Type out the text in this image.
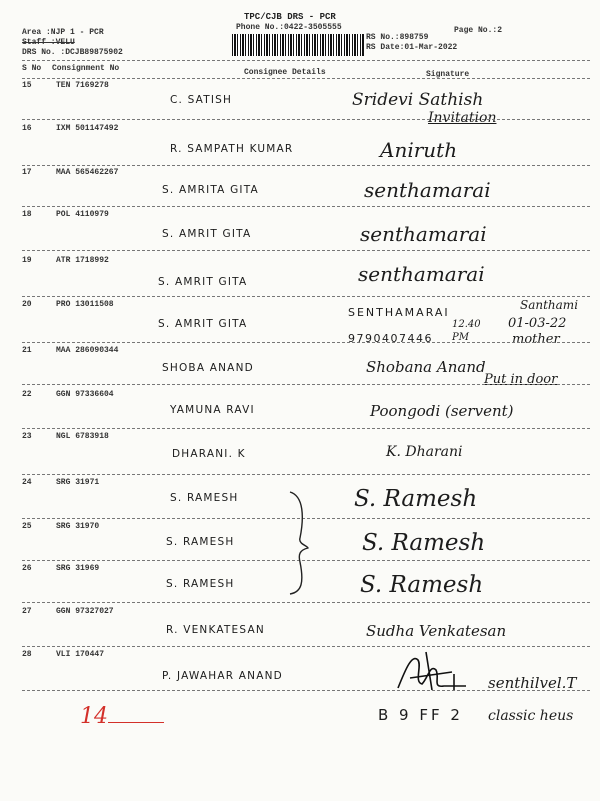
Area :NJP 1 - PCR
Staff :VELU
DRS No. :DCJB89875902
TPC/CJB DRS - PCR
Phone No.:0422-3505555	Page No.:2
RS No.:898759
RS Date:01-Mar-2022
S No Consignment No	Consignee Details	Signature
15	TEN 7169278
C. SATISH	Sridevi Sathish
Invitation
16	IXM 501147492
R. SAMPATH KUMAR	Aniruth
17	MAA 565462267
S. AMRITA GITA	senthamarai
18	POL 4110979
S. AMRIT GITA	senthamarai
19	ATR 1718992
S. AMRIT GITA	senthamarai
20	PRO 13011508
S. AMRIT GITA
SENTHAMARAI
9790407446
12.40 PM
Santhami
01-03-22
mother
21	MAA 286090344
SHOBA ANAND	Shobana Anand
Put in door
22	GGN 97336604
YAMUNA RAVI	Poongodi (servent)
23	NGL 6783918
DHARANI. K	K. Dharani
24	SRG 31971
S. RAMESH	S. Ramesh
25	SRG 31970
S. RAMESH	S. Ramesh
26	SRG 31969
S. RAMESH	S. Ramesh
27	GGN 97327027
R. VENKATESAN	Sudha Venkatesan
28	VLI 170447
P. JAWAHAR ANAND	senthilvel.T
14	B 9 FF 2 classic heus
